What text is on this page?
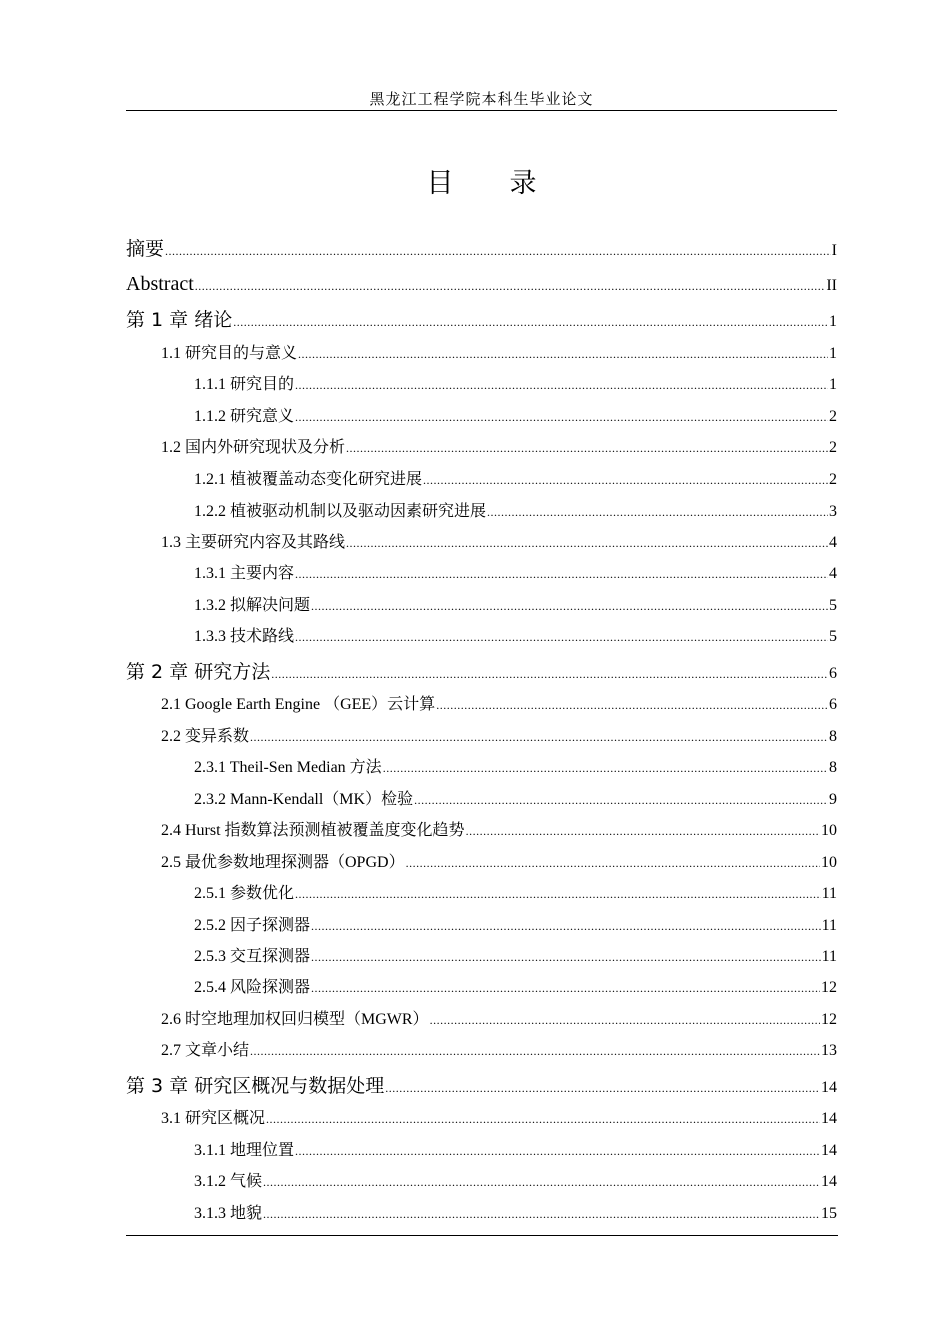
黑龙江工程学院本科生毕业论文
目 录
摘要 .....	I
Abstract .....	II
第 1 章 绪论 .....	1
1.1 研究目的与意义 .....	1
1.1.1 研究目的 .....	1
1.1.2 研究意义 .....	2
1.2 国内外研究现状及分析 .....	2
1.2.1 植被覆盖动态变化研究进展 .....	2
1.2.2 植被驱动机制以及驱动因素研究进展 .....	3
1.3 主要研究内容及其路线 .....	4
1.3.1 主要内容 .....	4
1.3.2 拟解决问题 .....	5
1.3.3 技术路线 .....	5
第 2 章 研究方法 .....	6
2.1 Google Earth Engine （GEE）云计算 .....	6
2.2 变异系数 .....	8
2.3.1 Theil-Sen Median 方法 .....	8
2.3.2 Mann-Kendall（MK）检验 .....	9
2.4 Hurst 指数算法预测植被覆盖度变化趋势 .....	10
2.5 最优参数地理探测器（OPGD） .....	10
2.5.1 参数优化 .....	11
2.5.2 因子探测器 .....	11
2.5.3 交互探测器 .....	11
2.5.4 风险探测器 .....	12
2.6 时空地理加权回归模型（MGWR） .....	12
2.7 文章小结 .....	13
第 3 章 研究区概况与数据处理 .....	14
3.1 研究区概况 .....	14
3.1.1 地理位置 .....	14
3.1.2 气候 .....	14
3.1.3 地貌 .....	15
